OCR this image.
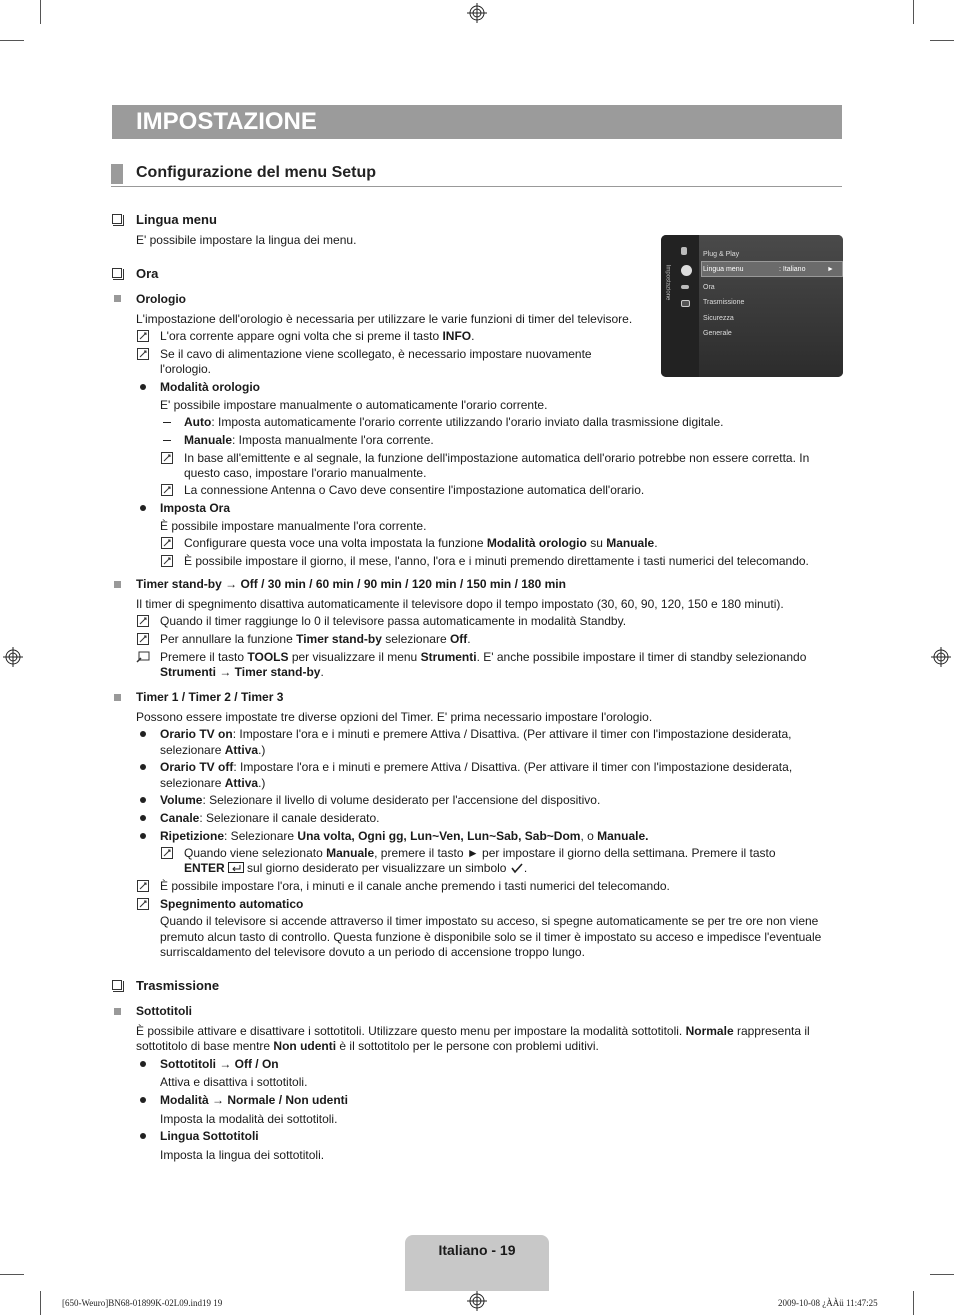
IMPOSTAZIONE
Configurazione del menu Setup
Impostazione
Plug & Play
Lingua menu	: Italiano	►
Ora
Trasmissione
Sicurezza
Generale
Lingua menu
E' possibile impostare la lingua dei menu.
Ora
Orologio
L'impostazione dell'orologio è necessaria per utilizzare le varie funzioni di timer del televisore.
L'ora corrente appare ogni volta che si preme il tasto INFO.
Se il cavo di alimentazione viene scollegato, è necessario impostare nuovamente
l'orologio.
Modalità orologio
E' possibile impostare manualmente o automaticamente l'orario corrente.
Auto: Imposta automaticamente l'orario corrente utilizzando l'orario inviato dalla trasmissione digitale.
Manuale: Imposta manualmente l'ora corrente.
In base all'emittente e al segnale, la funzione dell'impostazione automatica dell'orario potrebbe non essere corretta. In
questo caso, impostare l'orario manualmente.
La connessione Antenna o Cavo deve consentire l'impostazione automatica dell'orario.
Imposta Ora
È possibile impostare manualmente l'ora corrente.
Configurare questa voce una volta impostata la funzione Modalità orologio su Manuale.
È possibile impostare il giorno, il mese, l'anno, l'ora e i minuti premendo direttamente i tasti numerici del telecomando.
Timer stand-by → Off / 30 min / 60 min / 90 min / 120 min / 150 min / 180 min
Il timer di spegnimento disattiva automaticamente il televisore dopo il tempo impostato (30, 60, 90, 120, 150 e 180 minuti).
Quando il timer raggiunge lo 0 il televisore passa automaticamente in modalità Standby.
Per annullare la funzione Timer stand-by selezionare Off.
Premere il tasto TOOLS per visualizzare il menu Strumenti. E' anche possibile impostare il timer di standby selezionando
Strumenti → Timer stand-by.
Timer 1 / Timer 2 / Timer 3
Possono essere impostate tre diverse opzioni del Timer. E' prima necessario impostare l'orologio.
Orario TV on: Impostare l'ora e i minuti e premere Attiva / Disattiva. (Per attivare il timer con l'impostazione desiderata,
selezionare Attiva.)
Orario TV off: Impostare l'ora e i minuti e premere Attiva / Disattiva. (Per attivare il timer con l'impostazione desiderata,
selezionare Attiva.)
Volume: Selezionare il livello di volume desiderato per l'accensione del dispositivo.
Canale: Selezionare il canale desiderato.
Ripetizione: Selezionare Una volta, Ogni gg, Lun~Ven, Lun~Sab, Sab~Dom, o Manuale.
Quando viene selezionato Manuale, premere il tasto ► per impostare il giorno della settimana. Premere il tasto
ENTER sul giorno desiderato per visualizzare un simbolo .
È possibile impostare l'ora, i minuti e il canale anche premendo i tasti numerici del telecomando.
Spegnimento automatico
Quando il televisore si accende attraverso il timer impostato su acceso, si spegne automaticamente se per tre ore non viene
premuto alcun tasto di controllo. Questa funzione è disponibile solo se il timer è impostato su acceso e impedisce l'eventuale
surriscaldamento del televisore dovuto a un periodo di accensione troppo lungo.
Trasmissione
Sottotitoli
È possibile attivare e disattivare i sottotitoli. Utilizzare questo menu per impostare la modalità sottotitoli. Normale rappresenta il
sottotitolo di base mentre Non udenti è il sottotitolo per le persone con problemi uditivi.
Sottotitoli → Off / On
Attiva e disattiva i sottotitoli.
Modalità → Normale / Non udenti
Imposta la modalità dei sottotitoli.
Lingua Sottotitoli
Imposta la lingua dei sottotitoli.
Italiano - 19
[650-Weuro]BN68-01899K-02L09.ind19 19	2009-10-08 ¿ÀÀü 11:47:25
